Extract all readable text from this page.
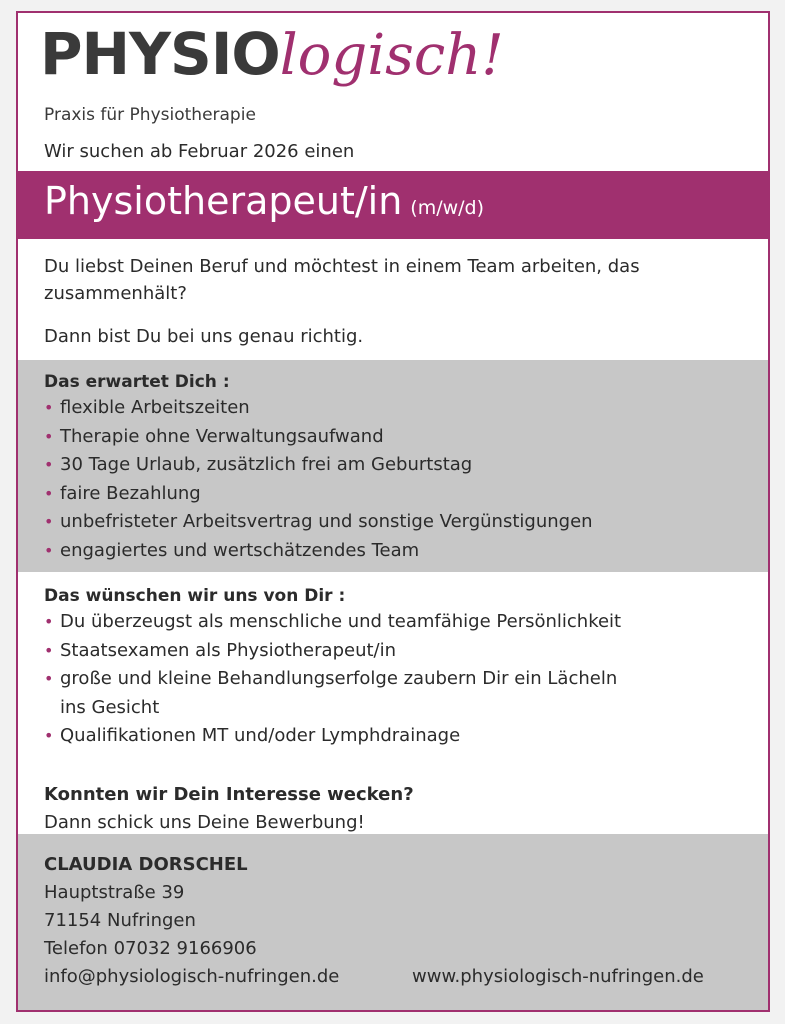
PHYSIOlogisch!
Praxis für Physiotherapie
Wir suchen ab Februar 2026 einen
Physiotherapeut/in (m/w/d)

Du liebst Deinen Beruf und möchtest in einem Team arbeiten, das zusammenhält?

Dann bist Du bei uns genau richtig.

Das erwartet Dich :
• flexible Arbeitszeiten
• Therapie ohne Verwaltungsaufwand
• 30 Tage Urlaub, zusätzlich frei am Geburtstag
• faire Bezahlung
• unbefristeter Arbeitsvertrag und sonstige Vergünstigungen
• engagiertes und wertschätzendes Team
Das wünschen wir uns von Dir :
• Du überzeugst als menschliche und teamfähige Persönlichkeit
• Staatsexamen als Physiotherapeut/in
• große und kleine Behandlungserfolge zaubern Dir ein Lächeln ins Gesicht
• Qualifikationen MT und/oder Lymphdrainage
Konnten wir Dein Interesse wecken?
Dann schick uns Deine Bewerbung!
CLAUDIA DORSCHEL
Hauptstraße 39
71154 Nufringen
Telefon 07032 9166906
info@physiologisch-nufringen.de	www.physiologisch-nufringen.de
